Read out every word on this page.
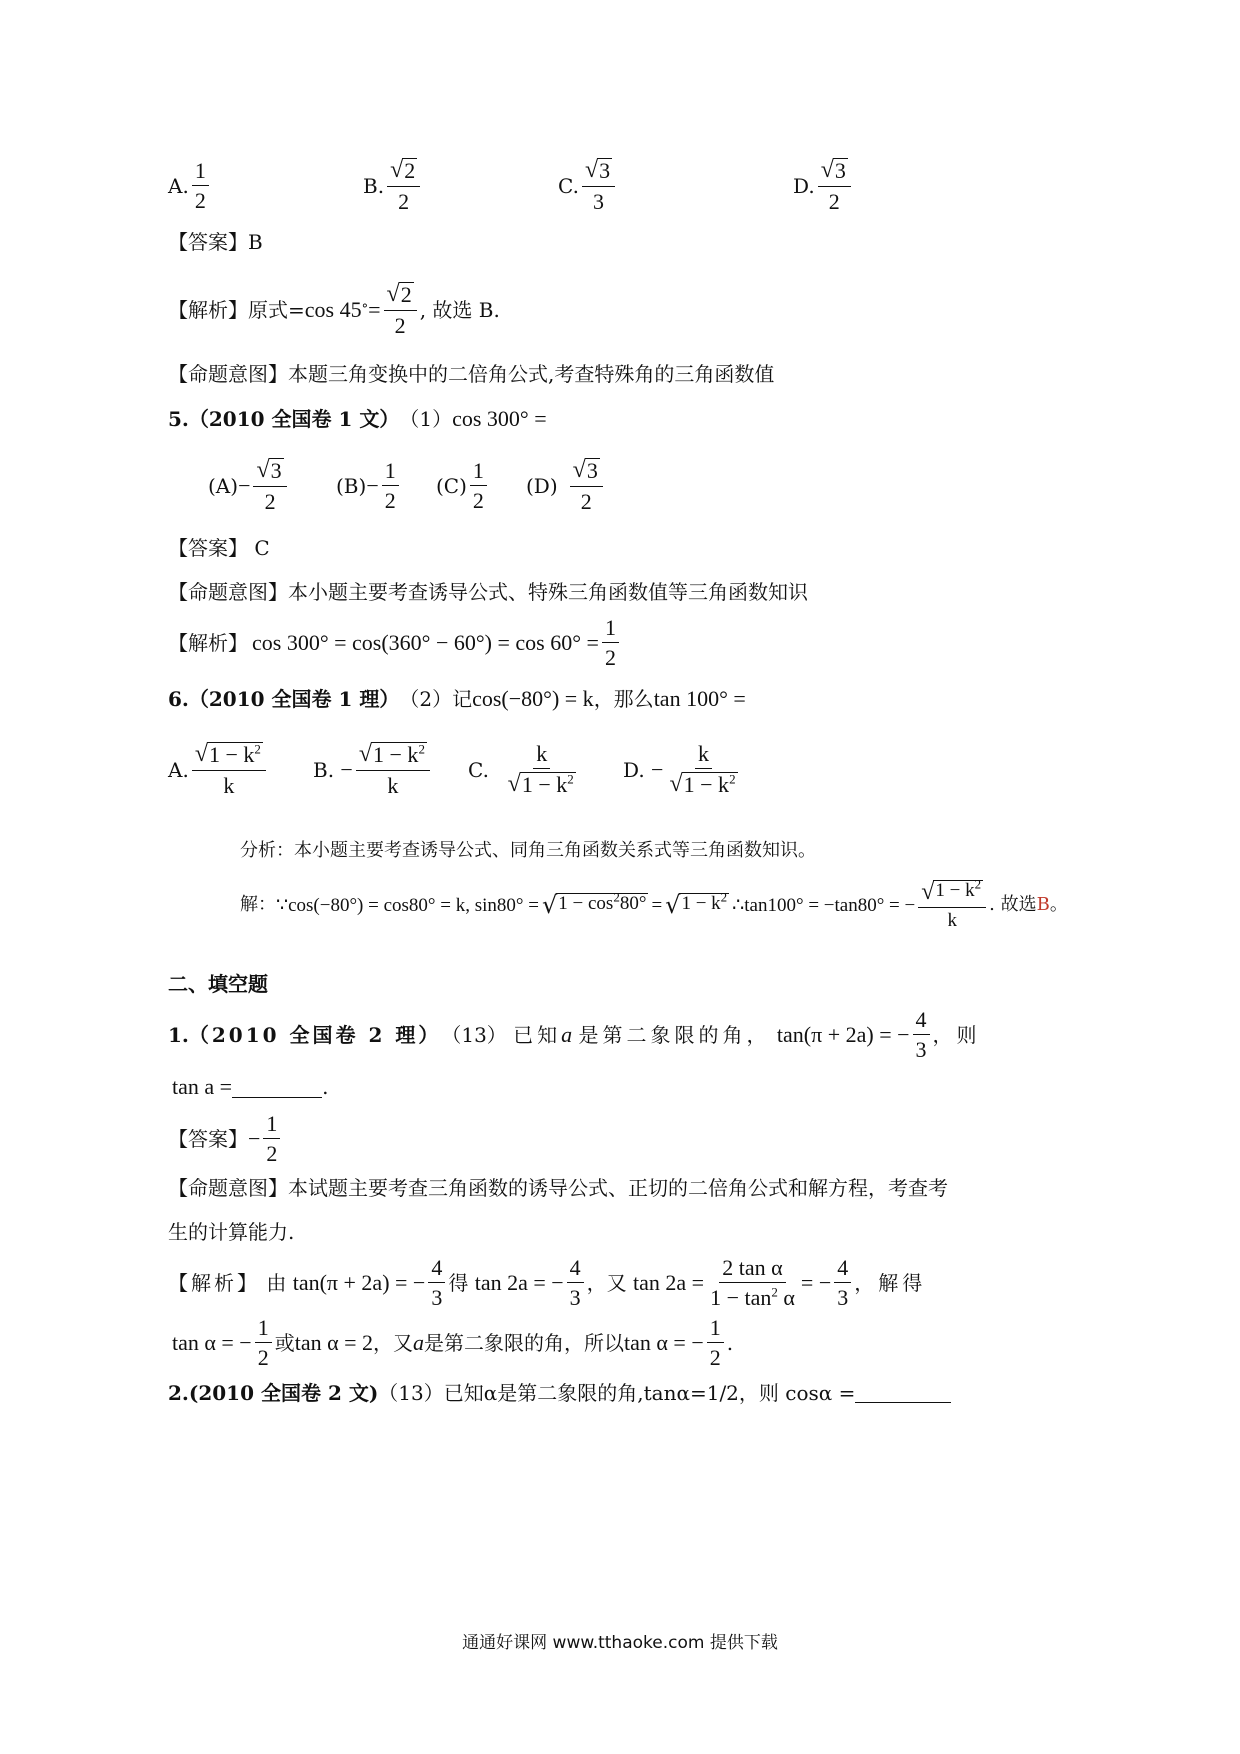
A. $\frac{1}{2}$	B. $\frac{√ 2}{2}$	C. $\frac{√ 3}{3}$	D. $\frac{√ 3}{2}$
【答案】 B
【解析】 原式= cos 45 ° = $\frac{√ 2}{2}$ , 故选 B.
【命题意图】 本题三角变换中的二倍角公式,考查特殊角的三角函数值
5. （2010 全国卷 1 文） （1） cos 300° =
$(A) - \frac{√ 3}{2} (B) - \frac{1}{2} (C) \frac{1}{2} (D) \frac{√ 3}{2}$
【答案】
C
【命题意图】 本小题主要考查诱导公式、特殊三角函数值等三角函数知识
【解析】 $\cos 300^\circ = \cos(360^\circ - 60^\circ) = \cos 60^\circ = \frac{1}{2}$
6. （2010 全国卷 1 理） （2） 记 cos(−80°) = k ，那么 tan 100° =
A. $\frac{√ 1 - k^2}{k} B$.
− $\frac{√ 1 - k^2}{k} C$.
$\frac{k}{√ 1 - k^2} D$.
− $\frac{k}{√ 1 - k^2}$
分析：本小题主要考查诱导公式、同角三角函数关系式等三角函数知识。
解： ∵cos(−80°) = cos80° = k, sin80° = √ $1 - \cos^280^\circ$ = √ $1 - k^2$ ∴tan100° = −tan80° = − $\frac{√ 1 - k^2}{k}$ . 故选 B 。
二、填空题
1. （2010 全国卷 2 理） （13）
已知 a
是第二象限的角，
tan(π + 2a) = − $\frac{4}{3}$ ，则
tan a =	.
【答案】 − $\frac{1}{2}$
【命题意图】 本试题主要考查三角函数的诱导公式、正切的二倍角公式和解方程，考查考
生的计算能力.
【解析】
由
tan(π + 2a) = − $\frac{4}{3}$ 得
tan 2a = − $\frac{4}{3}$ ，又
$\tan 2a = \frac{\text{2 tan α}}{1 - \tan^2 \alpha}$ = − $\frac{4}{3}$ ，解得
tan α = − $\frac{1}{2}$ 或 tan α = 2 ，又 a 是第二象限的角，所以 tan α = − $\frac{1}{2}$ .
2. (2010 全国卷 2 文) （13） 已知α是第二象限的角,tanα=1/2，则 cosα =
通通好课网 www.tthaoke.com 提供下载
